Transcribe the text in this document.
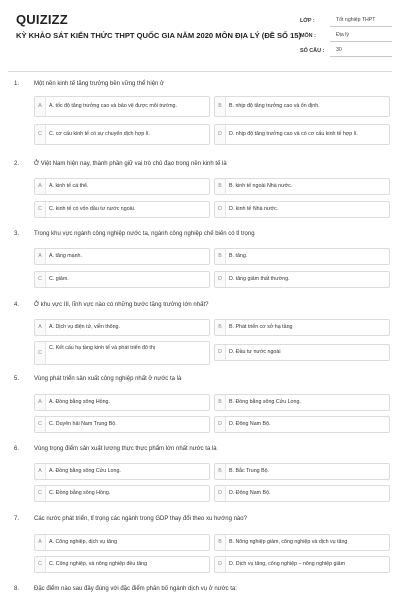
QUIZIZZ
KỲ KHẢO SÁT KIẾN THỨC THPT QUỐC GIA NĂM 2020 MÔN ĐỊA LÝ (ĐỀ SỐ 15)
LỚP :	Tốt nghiệp THPT
MÔN :	Địa lý
SỐ CÂU :	30
1. Một nền kinh tế tăng trưởng bền vững thể hiện ở
A	A. tốc độ tăng trưởng cao và bảo vệ được môi trường.	B	B. nhịp độ tăng trưởng cao và ổn định.
C	C. cơ cấu kinh tế có sự chuyển dịch hợp lí.	D	D. nhịp độ tăng trưởng cao và có cơ cấu kinh tế hợp lí.
2. Ở Việt Nam hiện nay, thành phần giữ vai trò chủ đạo trong nền kinh tế là
A	A. kinh tế cá thể.	B	B. kinh tế ngoài Nhà nước.
C	C. kinh tế có vốn đầu tư nước ngoài.	D	D. kinh tế Nhà nước.
3. Trong khu vực ngành công nghiệp nước ta, ngành công nghiệp chế biến có tỉ trọng
A	A. tăng mạnh.	B	B. tăng.
C	C. giảm.	D	D. tăng giảm thất thường.
4. Ở khu vực III, lĩnh vực nào có những bước tăng trưởng lớn nhất?
A	A. Dịch vụ điện tử, viễn thông.	B	B. Phát triển cơ sở hạ tầng
C
C. Kết cấu hạ tầng kinh tế và phát triển đô thị
D	D. Đầu tư nước ngoài
5. Vùng phát triển sản xuất công nghiệp nhất ở nước ta là
A	A. Đồng bằng sông Hồng.	B	B. Đồng bằng sông Cửu Long.
C	C. Duyên hải Nam Trung Bộ.	D	D. Đông Nam Bộ.
6. Vùng trọng điểm sản xuất lương thực thực phẩm lớn nhất nước ta là
A	A. Đồng bằng sông Cửu Long.	B	B. Bắc Trung Bộ.
C	C. Đồng bằng sông Hồng.	D	D. Đông Nam Bộ.
7. Các nước phát triển, tỉ trọng các ngành trong GDP thay đổi theo xu hướng nào?
A	A. Công nghiệp, dịch vụ tăng	B	B. Nông nghiệp giảm, công nghiệp và dịch vụ tăng
C	C. Công nghiệp, và nông nghiệp đều tăng	D	D. Dịch vụ tăng, công nghiệp – nông nghiệp giảm
8. Đặc điểm nào sau đây đúng với đặc điểm phân bố ngành dịch vụ ở nước ta:
